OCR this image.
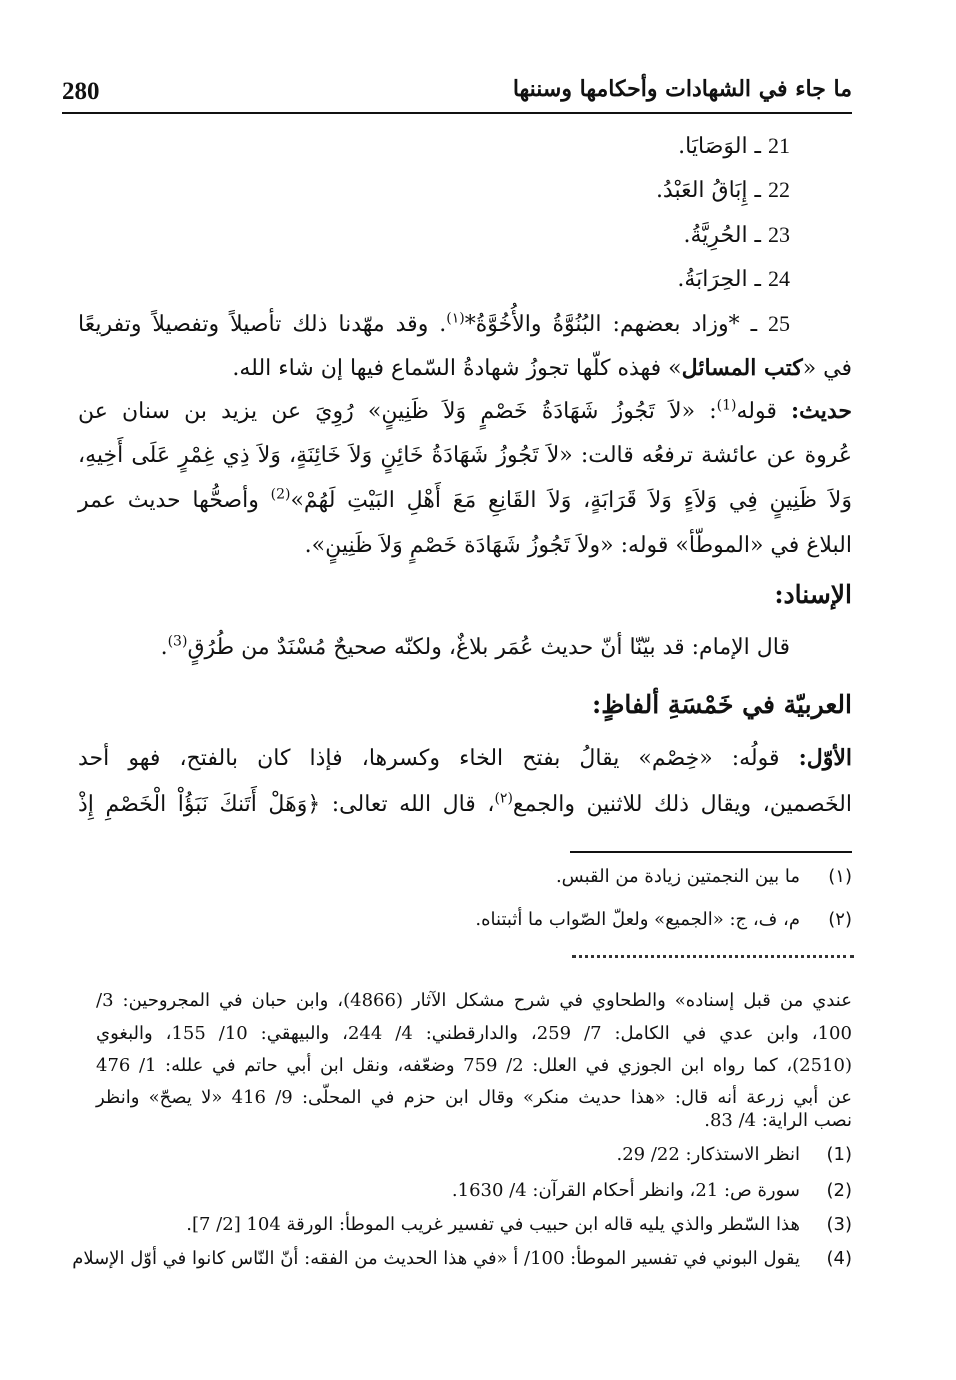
280	ما جاء في الشهادات وأحكامها وسننها
21 ـ الوَصَايَا.
22 ـ إِبَاقُ العَبْدُ.
23 ـ الحُرِيَّةُ.
24 ـ الحِرَابَةُ.
25 ـ *وزاد بعضهم: البُنُوَّةُ والأُخُوَّةُ*$^{(١)}$. وقد مهّدنا ذلك تأصيلاً وتفصيلاً وتفريعًا
في «كتب المسائل» فهذه كلّها تجوزُ شهادةُ السّماع فيها إن شاء الله.
حديث: قوله$^{(1)}$: «لاَ تَجُوزُ شَهَادَةُ خَصْمٍ وَلاَ ظَنِينٍ» رُوِيَ عن يزيد بن سنان عن
عُروة عن عائشة ترفعُه قالت: «لاَ تَجُوزُ شَهَادَةُ خَائِنٍ وَلاَ خَائِنَةٍ، وَلاَ ذِي غِمْرٍ عَلَى أَخِيهِ،
وَلاَ ظَنِينٍ فِي وَلاَءٍ وَلاَ قَرَابَةٍ، وَلاَ القَانِعِ مَعَ أَهْلِ البَيْتِ لَهُمْ»$^{(2)}$ وأصحُّها حديث عمر
البلاغ في «الموطّأ» قوله: «ولاَ تَجُوزُ شَهَادَة خَصْمٍ وَلاَ ظَنِينٍ».
الإسناد:
قال الإمام: قد بيّنّا أنّ حديث عُمَر بلاغٌ، ولكنّه صحيحٌ مُسْنَدٌ من طُرُقٍ$^{(3)}$.
العربيّة في خَمْسَةِ ألفاظٍ:
الأوّل: قولُه: «خِصْم» يقالُ بفتح الخاء وكسرها، فإذا كان بالفتح، فهو أحد
الخَصمين، ويقال ذلك للاثنين والجمع$^{(٢)}$، قال الله تعالى: ﴿وَهَلْ أَتَنكَ نَبَؤُاْ الْخَصْمِ إِذْ
(١)ما بين النجمتين زيادة من القبس.
(٢)م، ف، ج: «الجميع» ولعلّ الصّواب ما أثبتناه.
عندي من قبل إسناده» والطحاوي في شرح مشكل الآثار (4866)، وابن حبان في المجروحين: 3/
100، وابن عدي في الكامل: 7/ 259، والدارقطني: 4/ 244، والبيهقي: 10/ 155، والبغوي
(2510)، كما رواه ابن الجوزي في العلل: 2/ 759 وضعّفه، ونقل ابن أبي حاتم في علله: 1/ 476
عن أبي زرعة أنه قال: «هذا حديث منكر» وقال ابن حزم في المحلّى: 9/ 416 «لا يصحّ» وانظر
نصب الراية: 4/ 83.
(1)انظر الاستذكار: 22/ 29.
(2)سورة ص: 21، وانظر أحكام القرآن: 4/ 1630.
(3)هذا السّطر والذي يليه قاله ابن حبيب في تفسير غريب الموطأ: الورقة 104 [2/ 7].
(4)يقول البوني في تفسير الموطأ: 100/ أ «في هذا الحديث من الفقه: أنّ النّاس كانوا في أوّل الإسلام
